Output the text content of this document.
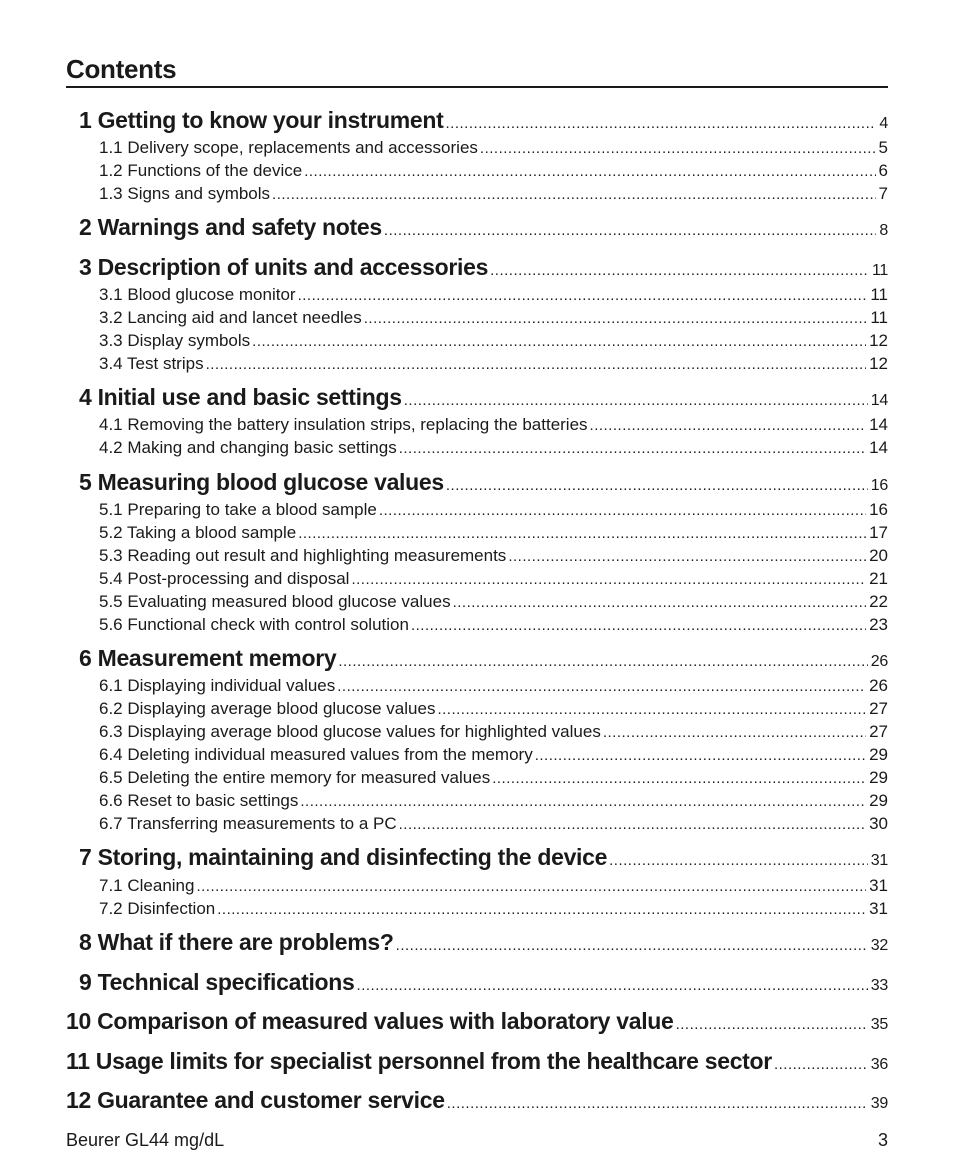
Contents
1 Getting to know your instrument .....	4
1.1 Delivery scope, replacements and accessories .....	5
1.2 Functions of the device .....	6
1.3 Signs and symbols .....	7
2 Warnings and safety notes .....	8
3 Description of units and accessories .....	11
3.1 Blood glucose monitor .....	11
3.2 Lancing aid and lancet needles .....	11
3.3 Display symbols .....	12
3.4 Test strips .....	12
4 Initial use and basic settings .....	14
4.1 Removing the battery insulation strips, replacing the batteries .....	14
4.2 Making and changing basic settings .....	14
5 Measuring blood glucose values .....	16
5.1 Preparing to take a blood sample .....	16
5.2 Taking a blood sample .....	17
5.3 Reading out result and highlighting measurements .....	20
5.4 Post-processing and disposal .....	21
5.5 Evaluating measured blood glucose values .....	22
5.6 Functional check with control solution .....	23
6 Measurement memory .....	26
6.1 Displaying individual values .....	26
6.2 Displaying average blood glucose values .....	27
6.3 Displaying average blood glucose values for highlighted values .....	27
6.4 Deleting individual measured values from the memory .....	29
6.5 Deleting the entire memory for measured values .....	29
6.6 Reset to basic settings .....	29
6.7 Transferring measurements to a PC .....	30
7 Storing, maintaining and disinfecting the device .....	31
7.1 Cleaning .....	31
7.2 Disinfection .....	31
8 What if there are problems? .....	32
9 Technical specifications .....	33
10 Comparison of measured values with laboratory value .....	35
11 Usage limits for specialist personnel from the healthcare sector .....	36
12 Guarantee and customer service .....	39
Beurer GL44 mg/dL	3
